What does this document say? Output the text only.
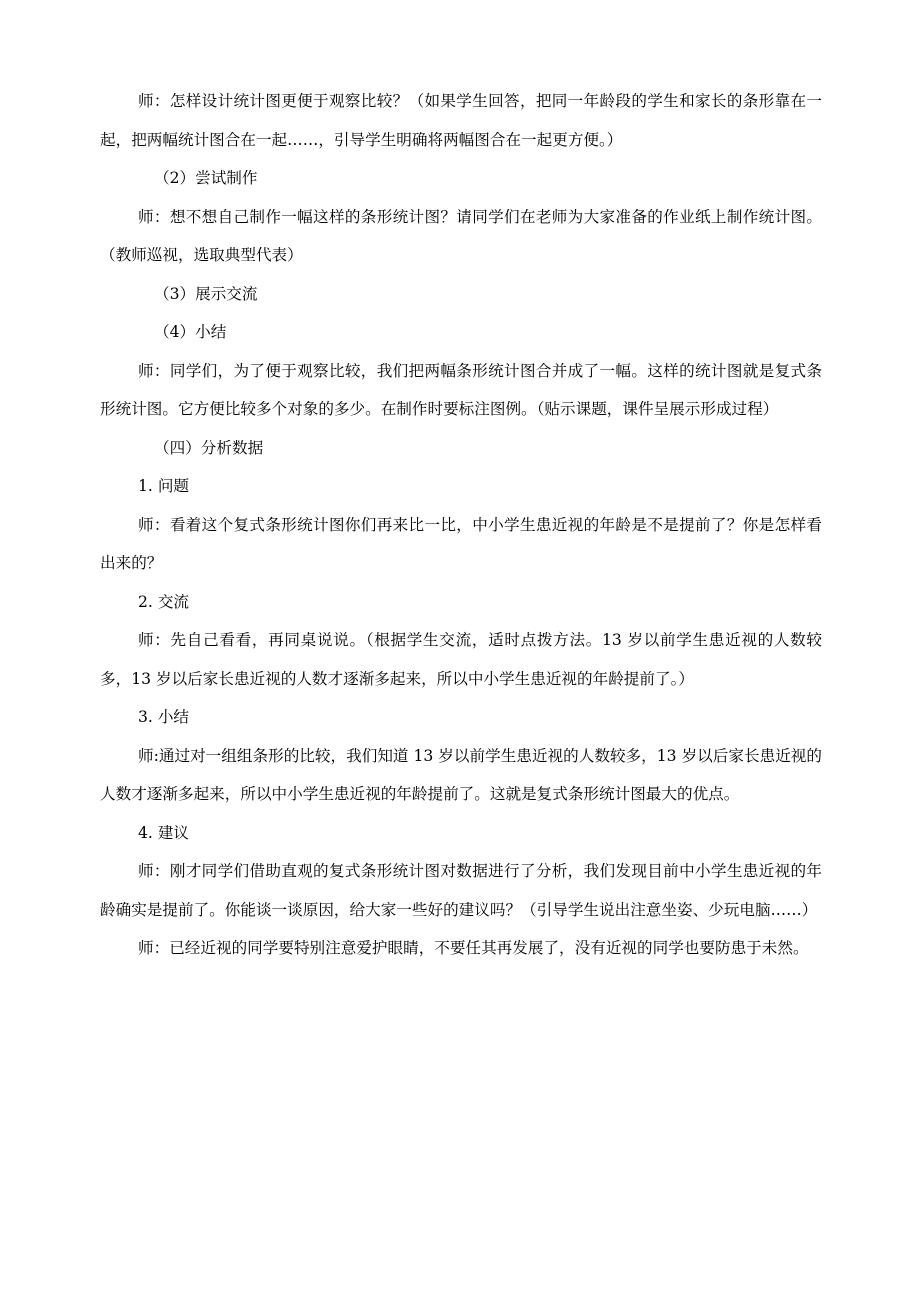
师：怎样设计统计图更便于观察比较？（如果学生回答，把同一年龄段的学生和家长的条形靠在一起，把两幅统计图合在一起……，引导学生明确将两幅图合在一起更方便。）

（2）尝试制作

师：想不想自己制作一幅这样的条形统计图？请同学们在老师为大家准备的作业纸上制作统计图。（教师巡视，选取典型代表）

（3）展示交流

（4）小结

师：同学们，为了便于观察比较，我们把两幅条形统计图合并成了一幅。这样的统计图就是复式条形统计图。它方便比较多个对象的多少。在制作时要标注图例。（贴示课题，课件呈展示形成过程）

（四）分析数据

1. 问题

师：看着这个复式条形统计图你们再来比一比，中小学生患近视的年龄是不是提前了？你是怎样看出来的？

2. 交流

师：先自己看看，再同桌说说。（根据学生交流，适时点拨方法。13 岁以前学生患近视的人数较多，13 岁以后家长患近视的人数才逐渐多起来，所以中小学生患近视的年龄提前了。）

3. 小结

师:通过对一组组条形的比较，我们知道 13 岁以前学生患近视的人数较多，13 岁以后家长患近视的人数才逐渐多起来，所以中小学生患近视的年龄提前了。这就是复式条形统计图最大的优点。

4. 建议

师：刚才同学们借助直观的复式条形统计图对数据进行了分析，我们发现目前中小学生患近视的年龄确实是提前了。你能谈一谈原因，给大家一些好的建议吗？（引导学生说出注意坐姿、少玩电脑……）

师：已经近视的同学要特别注意爱护眼睛，不要任其再发展了，没有近视的同学也要防患于未然。
